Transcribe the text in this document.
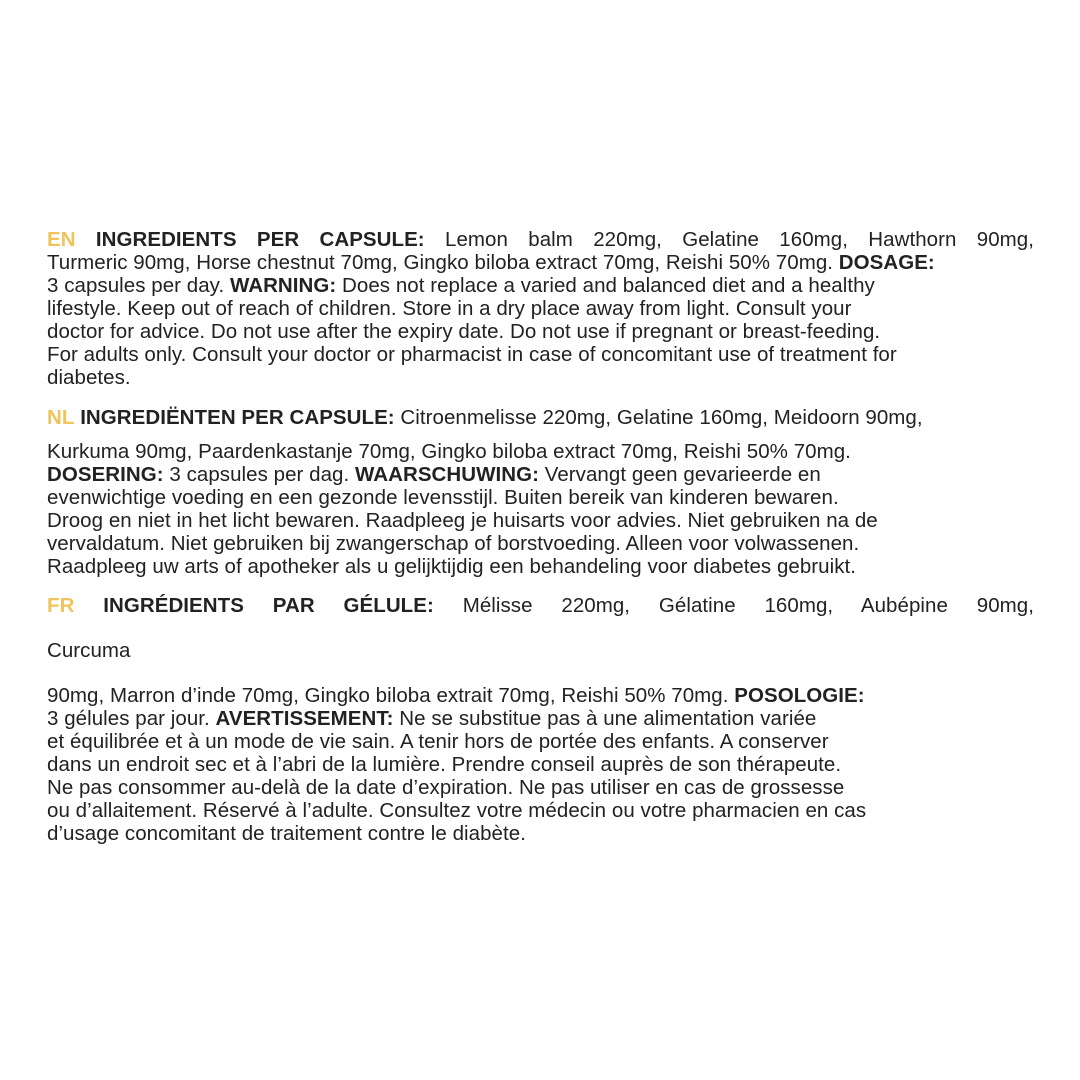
EN INGREDIENTS PER CAPSULE: Lemon balm 220mg, Gelatine 160mg, Hawthorn 90mg,

Turmeric 90mg, Horse chestnut 70mg, Gingko biloba extract 70mg, Reishi 50% 70mg. DOSAGE:

3 capsules per day. WARNING: Does not replace a varied and balanced diet and a healthy

lifestyle. Keep out of reach of children. Store in a dry place away from light. Consult your

doctor for advice. Do not use after the expiry date. Do not use if pregnant or breast-feeding.

For adults only. Consult your doctor or pharmacist in case of concomitant use of treatment for

diabetes.

NL INGREDIËNTEN PER CAPSULE: Citroenmelisse 220mg, Gelatine 160mg, Meidoorn 90mg,

Kurkuma 90mg, Paardenkastanje 70mg, Gingko biloba extract 70mg, Reishi 50% 70mg.

DOSERING: 3 capsules per dag. WAARSCHUWING: Vervangt geen gevarieerde en

evenwichtige voeding en een gezonde levensstijl. Buiten bereik van kinderen bewaren.

Droog en niet in het licht bewaren. Raadpleeg je huisarts voor advies. Niet gebruiken na de

vervaldatum. Niet gebruiken bij zwangerschap of borstvoeding. Alleen voor volwassenen.

Raadpleeg uw arts of apotheker als u gelijktijdig een behandeling voor diabetes gebruikt.

FR INGRÉDIENTS PAR GÉLULE: Mélisse 220mg, Gélatine 160mg, Aubépine 90mg,

Curcuma

90mg, Marron d’inde 70mg, Gingko biloba extrait 70mg, Reishi 50% 70mg. POSOLOGIE:

3 gélules par jour. AVERTISSEMENT: Ne se substitue pas à une alimentation variée

et équilibrée et à un mode de vie sain. A tenir hors de portée des enfants. A conserver

dans un endroit sec et à l’abri de la lumière. Prendre conseil auprès de son thérapeute.

Ne pas consommer au-delà de la date d’expiration. Ne pas utiliser en cas de grossesse

ou d’allaitement. Réservé à l’adulte. Consultez votre médecin ou votre pharmacien en cas

d’usage concomitant de traitement contre le diabète.
